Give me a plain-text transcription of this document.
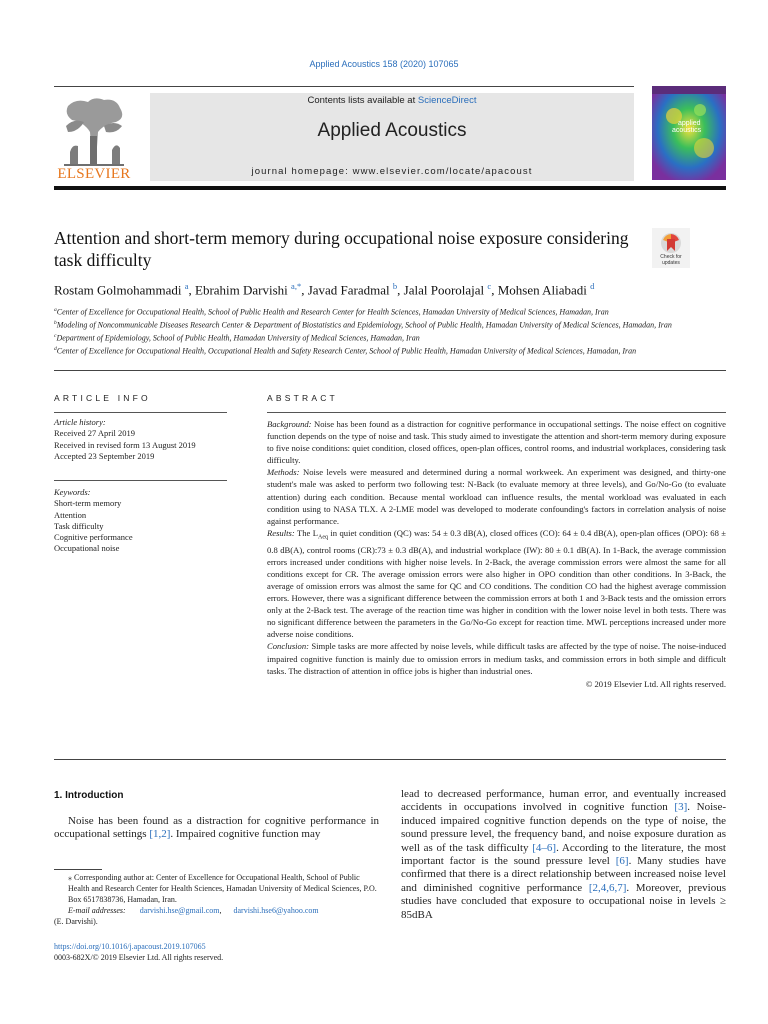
Applied Acoustics 158 (2020) 107065
ELSEVIER
Contents lists available at ScienceDirect
Applied Acoustics
journal homepage: www.elsevier.com/locate/apacoust
applied
acoustics
Attention and short-term memory during occupational noise exposure considering task difficulty	Check for updates
Rostam Golmohammadi $^a$, Ebrahim Darvishi $^{a,*}$, Javad Faradmal $^b$, Jalal Poorolajal $^c$, Mohsen Aliabadi $^d$
$^a$Center of Excellence for Occupational Health, School of Public Health and Research Center for Health Sciences, Hamadan University of Medical Sciences, Hamadan, Iran
$^b$Modeling of Noncommunicable Diseases Research Center & Department of Biostatistics and Epidemiology, School of Public Health, Hamadan University of Medical Sciences, Hamadan, Iran
$^c$Department of Epidemiology, School of Public Health, Hamadan University of Medical Sciences, Hamadan, Iran
$^d$Center of Excellence for Occupational Health, Occupational Health and Safety Research Center, School of Public Health, Hamadan University of Medical Sciences, Hamadan, Iran
ARTICLE INFO
Article history:
Received 27 April 2019
Received in revised form 13 August 2019
Accepted 23 September 2019
Keywords:
Short-term memory
Attention
Task difficulty
Cognitive performance
Occupational noise
ABSTRACT

Background: Noise has been found as a distraction for cognitive performance in occupational settings. The noise effect on cognitive function depends on the type of noise and task. This study aimed to investigate the attention and short-term memory during exposure to five noise conditions: quiet condition, closed offices, open-plan offices, control rooms, and industrial workplaces, considering task difficulty.

Methods: Noise levels were measured and determined during a normal workweek. An experiment was designed, and thirty-one student's male was asked to perform two following test: N-Back (to evaluate memory at three levels), and Go/No-Go (to evaluate attention) during each condition. Because mental workload can influence results, the mental workload was evaluated in each condition using to NASA TLX. A 2-LME model was developed to moderate confounding's factors in correlation analysis of noise against performance.

Results: The $L_{Aeq}$ in quiet condition (QC) was: 54 ± 0.3 dB(A), closed offices (CO): 64 ± 0.4 dB(A), open-plan offices (OPO): 68 ± 0.8 dB(A), control rooms (CR):73 ± 0.3 dB(A), and industrial workplace (IW): 80 ± 0.1 dB(A). In 1-Back, the average commission errors increased under conditions with higher noise levels. In 2-Back, the average commission errors were almost the same for all conditions except for CR. The average omission errors were also higher in OPO condition than other conditions. In 3-Back, the average of omission errors was almost the same for QC and CO conditions. The condition CO had the highest average commission errors. However, there was a significant difference between the commission errors at both 1 and 3-Back tests and the omission errors only at the 2-Back test. The average of the reaction time was higher in condition with the lower noise level in both tests. There was no significant difference between the parameters in the Go/No-Go except for reaction time. MWL perceptions increased under more adverse noise conditions.

Conclusion: Simple tasks are more affected by noise levels, while difficult tasks are affected by the type of noise. The noise-induced impaired cognitive function is mainly due to omission errors in medium tasks, and commission errors in both simple and difficult tasks. The distraction of attention in office jobs is higher than industrial ones.

© 2019 Elsevier Ltd. All rights reserved.

1. Introduction
Noise has been found as a distraction for cognitive performance in occupational settings [1,2]. Impaired cognitive function may
lead to decreased performance, human error, and eventually increased accidents in occupations involved in cognitive function [3]. Noise-induced impaired cognitive function depends on the type of noise, the sound pressure level, the frequency band, and noise exposure duration as well as of the task difficulty [4–6]. According to the literature, the most important factor is the sound pressure level [6]. Many studies have confirmed that there is a direct relationship between increased noise level and diminished cognitive performance [2,4,6,7]. Moreover, previous studies have concluded that exposure to occupational noise in levels ≥ 85dBA
⁎ Corresponding author at: Center of Excellence for Occupational Health, School of Public Health and Research Center for Health Sciences, Hamadan University of Medical Sciences, P.O. Box 6517838736, Hamadan, Iran.
E-mail addresses: darvishi.hse@gmail.com,      darvishi.hse6@yahoo.com
(E. Darvishi).
https://doi.org/10.1016/j.apacoust.2019.107065
0003-682X/© 2019 Elsevier Ltd. All rights reserved.
